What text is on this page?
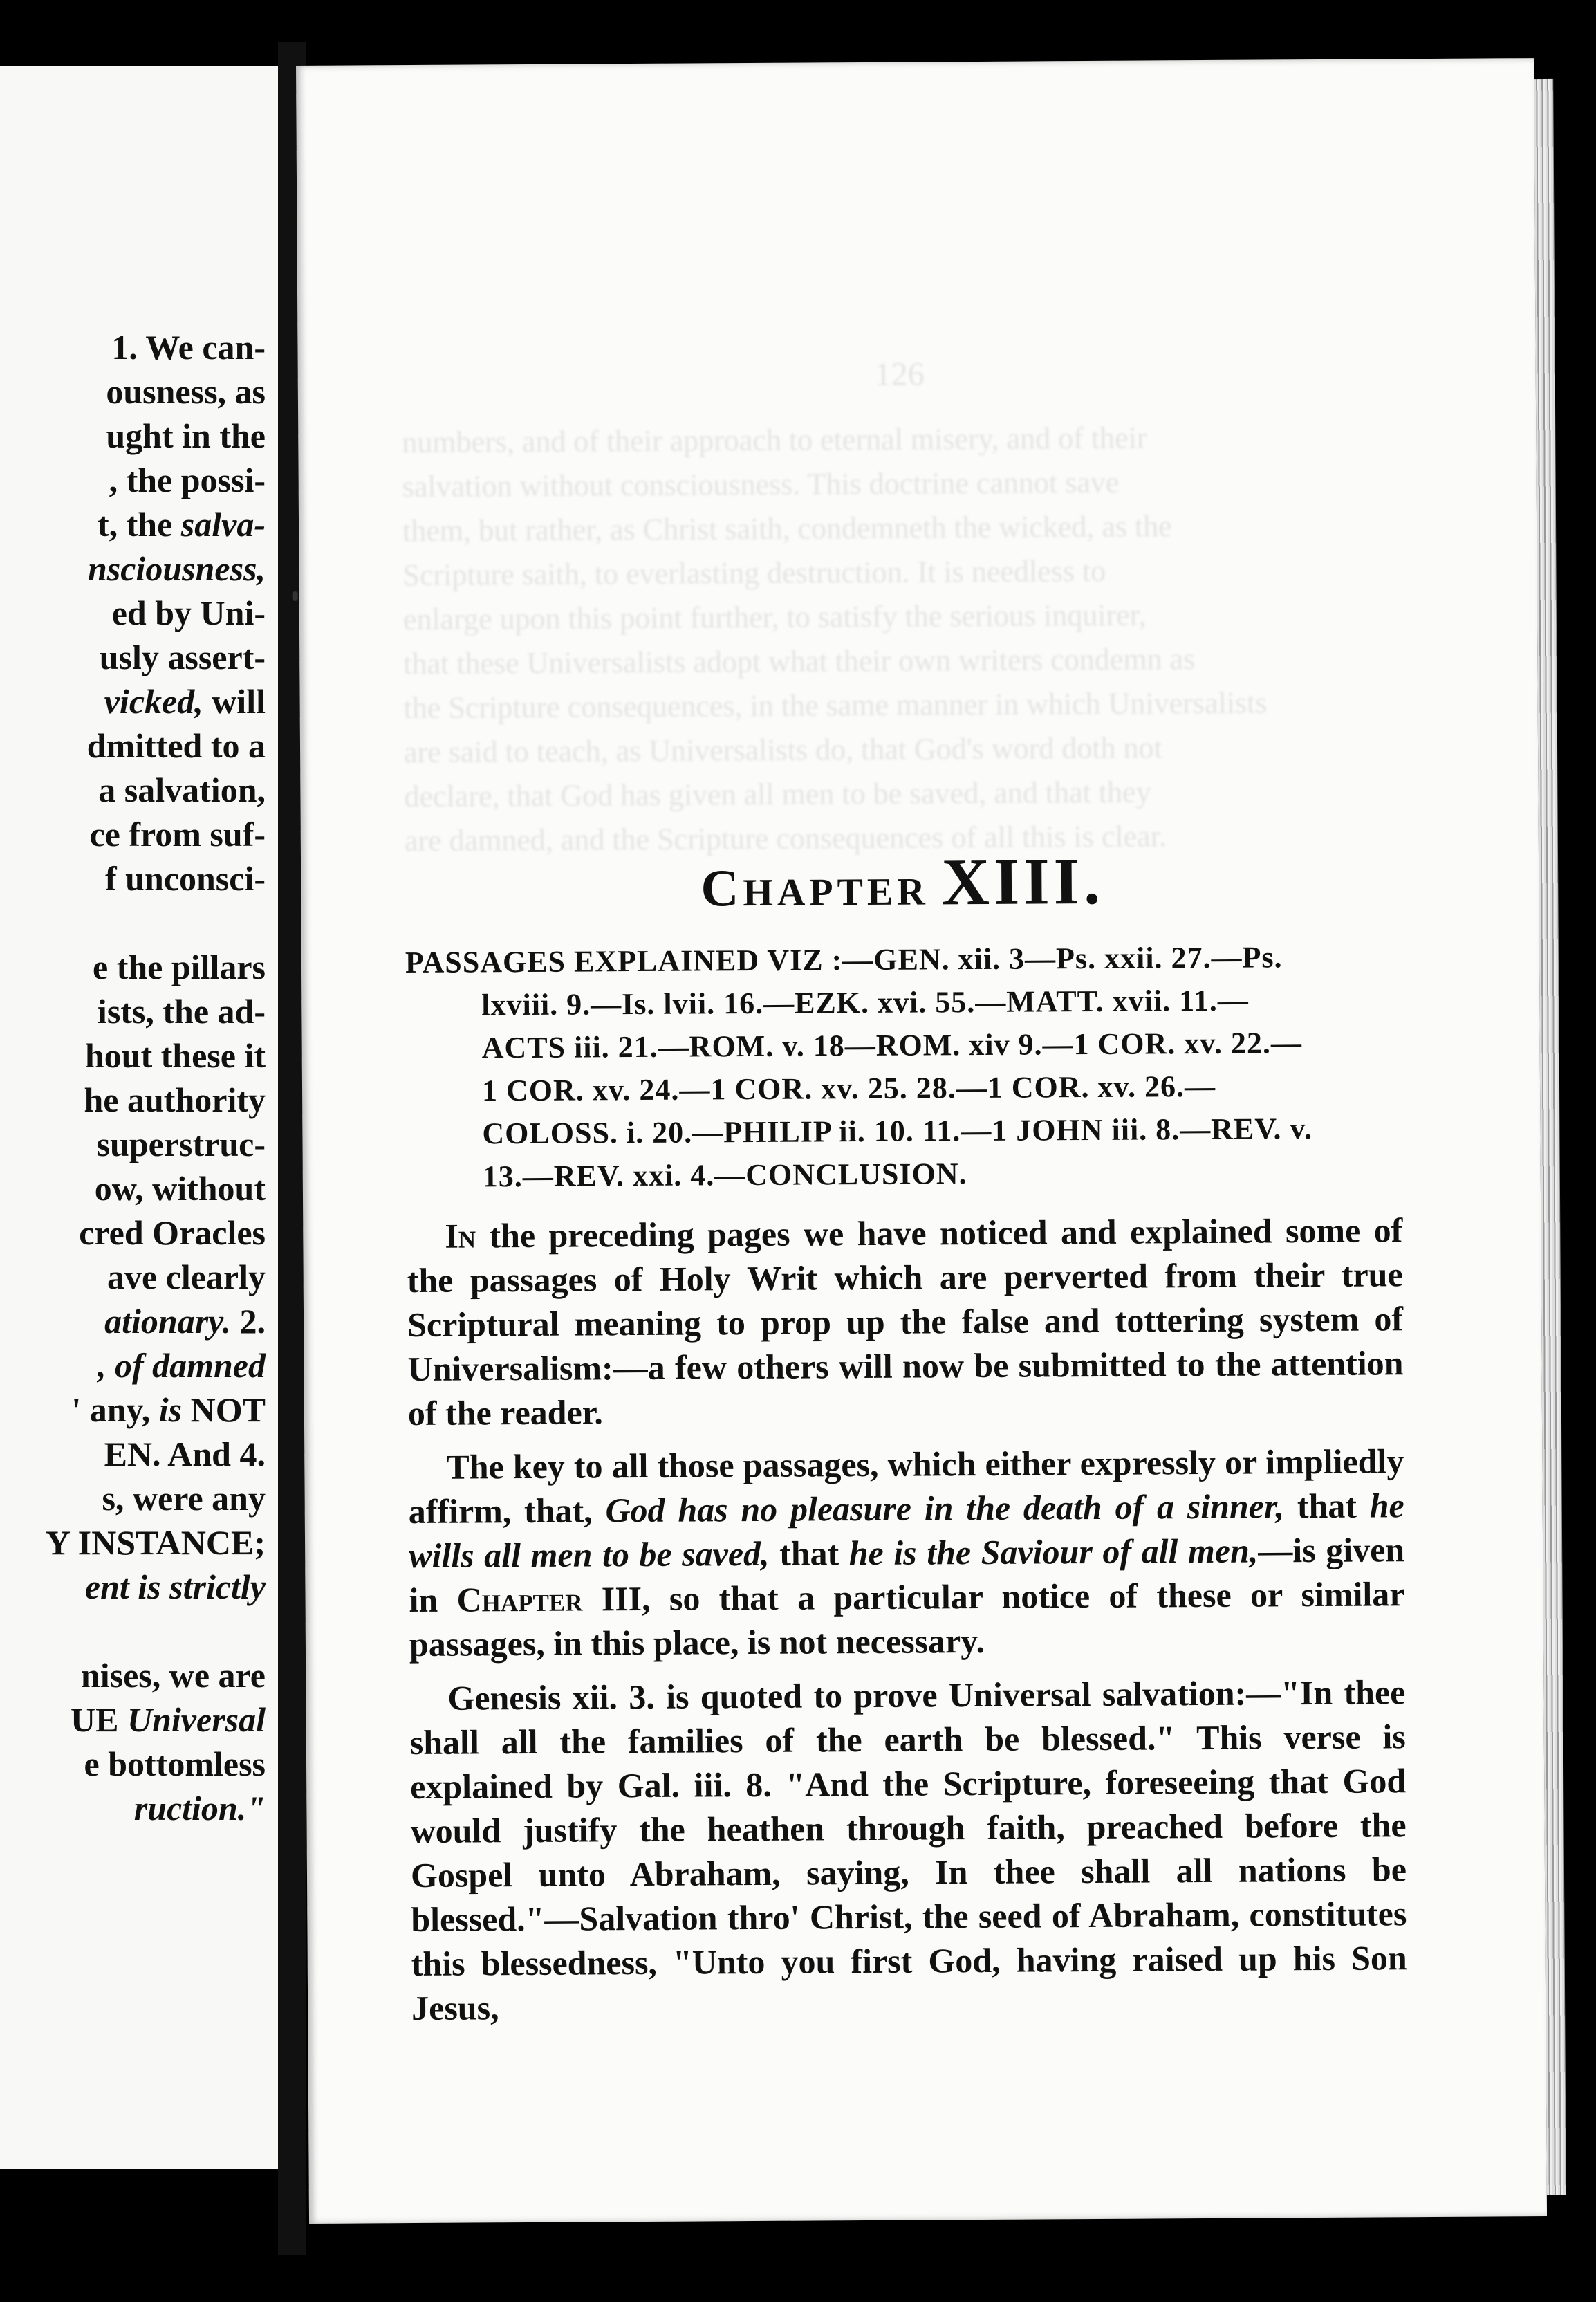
1. We can-
ousness, as
ught in the
, the possi-
t, the salva-
nsciousness,
ed by Uni-
usly assert-
vicked, will
dmitted to a
a salvation,
ce from suf-
f unconsci-
e the pillars
ists, the ad-
hout these it
he authority
superstruc-
ow, without
cred Oracles
ave clearly
ationary. 2.
, of damned
' any, is NOT
EN. And 4.
s, were any
Y INSTANCE;
ent is strictly
nises, we are
UE Universal
e bottomless
ruction."
126
numbers, and of their approach to eternal misery, and of their
salvation without consciousness. This doctrine cannot save
them, but rather, as Christ saith, condemneth the wicked, as the
Scripture saith, to everlasting destruction. It is needless to
enlarge upon this point further, to satisfy the serious inquirer,
that these Universalists adopt what their own writers condemn as
the Scripture consequences, in the same manner in which Universalists
are said to teach, as Universalists do, that God's word doth not
declare, that God has given all men to be saved, and that they
are damned, and the Scripture consequences of all this is clear.
CHAPTER XIII.
PASSAGES EXPLAINED VIZ :—GEN. xii. 3—Ps. xxii. 27.—Ps.
lxviii. 9.—Is. lvii. 16.—EZK. xvi. 55.—MATT. xvii. 11.—
ACTS iii. 21.—ROM. v. 18—ROM. xiv 9.—1 COR. xv. 22.—
1 COR. xv. 24.—1 COR. xv. 25. 28.—1 COR. xv. 26.—
COLOSS. i. 20.—PHILIP ii. 10. 11.—1 JOHN iii. 8.—REV. v.
13.—REV. xxi. 4.—CONCLUSION.

In the preceding pages we have noticed and explained some of the passages of Holy Writ which are perverted from their true Scriptural meaning to prop up the false and tottering system of Universalism:—a few others will now be submitted to the attention of the reader.

The key to all those passages, which either expressly or impliedly affirm, that, God has no pleasure in the death of a sinner, that he wills all men to be saved, that he is the Saviour of all men,—is given in Chapter III, so that a particular notice of these or similar passages, in this place, is not necessary.

Genesis xii. 3. is quoted to prove Universal salvation:—"In thee shall all the families of the earth be blessed." This verse is explained by Gal. iii. 8. "And the Scripture, foreseeing that God would justify the heathen through faith, preached before the Gospel unto Abraham, saying, In thee shall all nations be blessed."—Salvation thro' Christ, the seed of Abraham, constitutes this blessedness, "Unto you first God, having raised up his Son Jesus,
